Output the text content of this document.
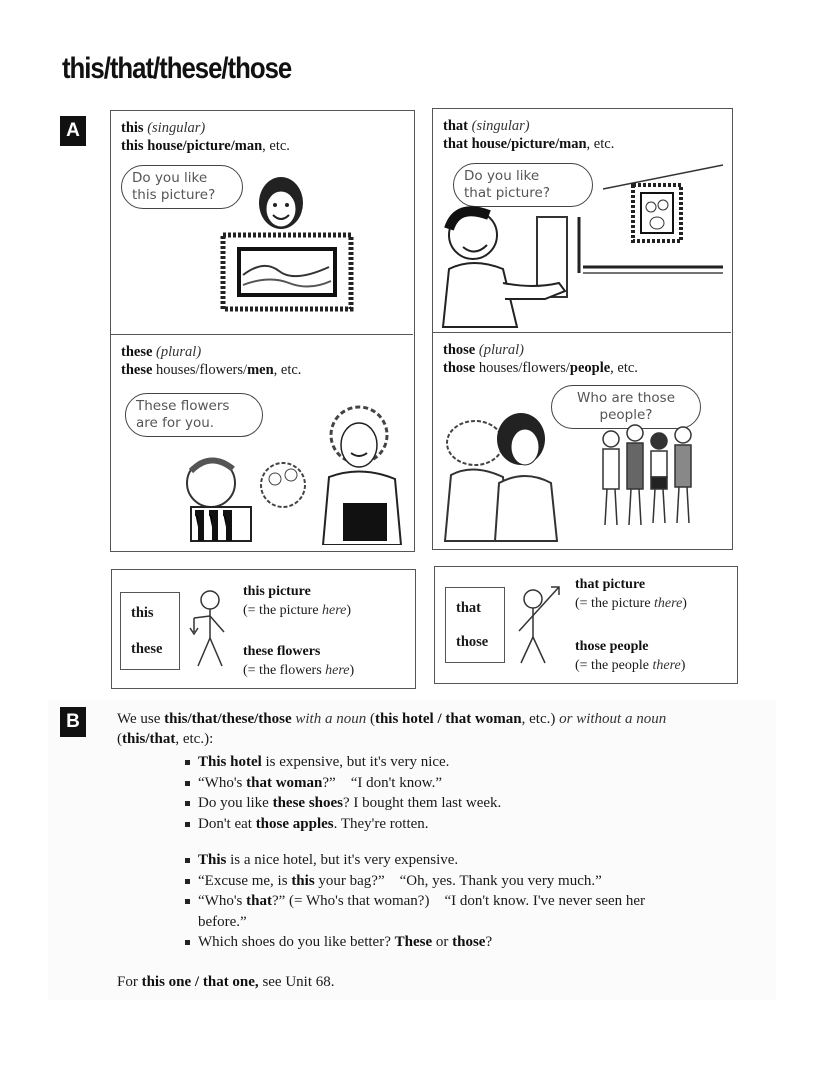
this/that/these/those
A	this (singular)
this house/picture/man, etc.
Do you like
this picture?
these (plural)
these houses/flowers/men, etc.
These flowers
are for you.
that (singular)
that house/picture/man, etc.
Do you like
that picture?
those (plural)
those houses/flowers/people, etc.
Who are those
people?
this
these
this picture
(= the picture here)
these flowers
(= the flowers here)
that
those
that picture
(= the picture there)
those people
(= the people there)
B	We use this/that/these/those with a noun (this hotel / that woman, etc.) or without a noun
(this/that, etc.):
This hotel is expensive, but it's very nice.
“Who's that woman?”    “I don't know.”
Do you like these shoes? I bought them last week.
Don't eat those apples. They're rotten.
This is a nice hotel, but it's very expensive.
“Excuse me, is this your bag?”    “Oh, yes. Thank you very much.”
“Who's that?” (= Who's that woman?)    “I don't know. I've never seen her
before.”
Which shoes do you like better? These or those?
For this one / that one, see Unit 68.
